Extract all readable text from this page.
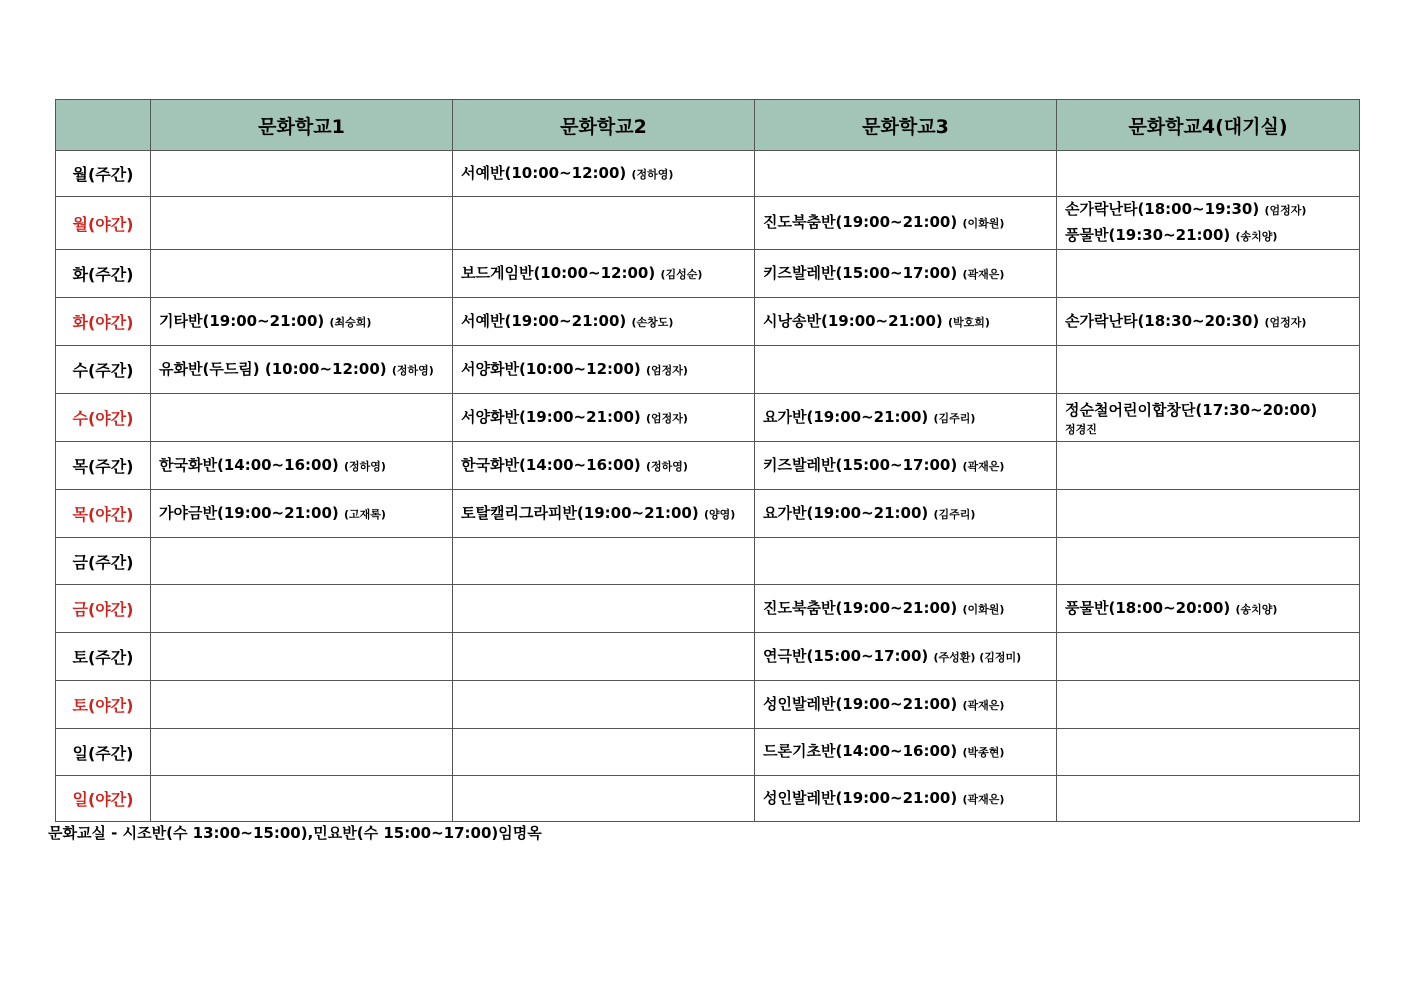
	문화학교1	문화학교2	문화학교3	문화학교4(대기실)
월(주간)		서예반(10:00~12:00) (정하영)		

월(야간)			진도북춤반(19:00~21:00) (이화원)	손가락난타(18:00~19:30) (엄정자)
풍물반(19:30~21:00) (송치양)

화(주간)		보드게임반(10:00~12:00) (김성순)	키즈발레반(15:00~17:00) (곽재은)	

화(야간)	기타반(19:00~21:00) (최승희)	서예반(19:00~21:00) (손창도)	시낭송반(19:00~21:00) (박호희)	손가락난타(18:30~20:30) (엄정자)

수(주간)	유화반(두드림) (10:00~12:00) (정하영)	서양화반(10:00~12:00) (엄정자)		

수(야간)		서양화반(19:00~21:00) (엄정자)	요가반(19:00~21:00) (김주리)	정순철어린이합창단(17:30~20:00)
정경진

목(주간)	한국화반(14:00~16:00) (정하영)	한국화반(14:00~16:00) (정하영)	키즈발레반(15:00~17:00) (곽재은)	

목(야간)	가야금반(19:00~21:00) (고재록)	토탈캘리그라피반(19:00~21:00) (양영)	요가반(19:00~21:00) (김주리)	

금(주간)				
금(야간)			진도북춤반(19:00~21:00) (이화원)	풍물반(18:00~20:00) (송치양)

토(주간)			연극반(15:00~17:00) (주성환) (김정미)	

토(야간)			성인발레반(19:00~21:00) (곽재은)	

일(주간)			드론기초반(14:00~16:00) (박종현)	

일(야간)			성인발레반(19:00~21:00) (곽재은)	

문화교실 - 시조반(수 13:00~15:00),민요반(수 15:00~17:00)임명옥
